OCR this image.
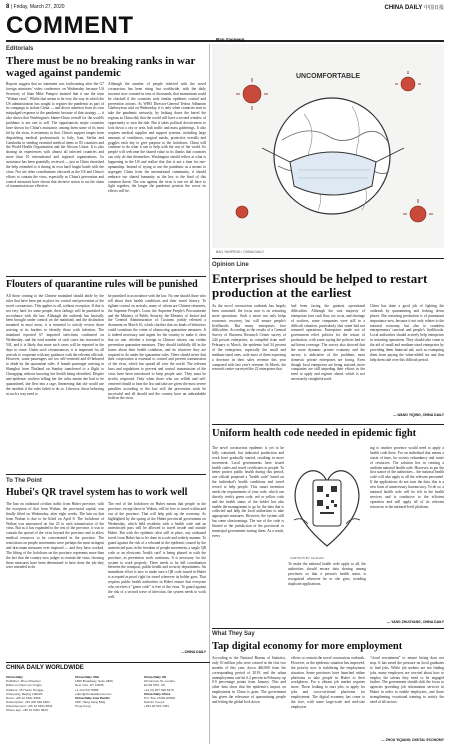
8 | Friday, March 27, 2020	CHINA DAILY 中国日报
COMMENT
Editorials
There must be no breaking ranks in war waged against pandemic
Reports suggest that no statement was forthcoming after the G7 foreign ministers' video conference on Wednesday because US Secretary of State Mike Pompeo insisted that it use the term "Wuhan virus". Whilst that seems to be very the way in which the US administration has sought to register the pandemic as part of its campaign to isolate China — and divert attention from its own misjudged response to the pandemic because of that strategy — it also shows that Washington's blame-China overall for the world's problems is not one to sell. The opportunistic major countries have shown for China's assistance, among them some of its most hit by the virus, is testimony to that. China's support ranges from dispatching medical professionals to Italy, Iran, Serbia and Cambodia to sending essential medical items to 83 countries and the World Health Organization and the African Union. It is also sharing its experiences with almost all infected countries and more than 10 international and regional organizations. Its assistance has been gratefully received — just as China cherished the help extended to it during its own hard fought battle with the virus. Nor are other contributions obscured as the US and China's efforts to contain the virus, especially as China's prevention and control measures have shown that decisive action to cut the chain of transmission are effective.
Although the number of people infected with the novel coronavirus has been rising fast worldwide, with the daily increase now counted in tens of thousands, that momentum could be checked if the countries took similar epidemic control and prevention actions. As WHO Director-General Tedros Adhanom Ghebreyesus said on Wednesday, it is only when countries start to take the pandemic seriously, by looking down the barrel the regions as China did, that the world will have a second window of opportunity to turn the tide. But it takes political decisiveness to lock down a city or area, halt traffic and mass gatherings. It also requires medical supplies and support systems, including large amounts of ventilators, surgical masks, protective overalls and goggles each day to give purpose to the lockdown. China will continue to do what it can to help with the rest of the world. Its people will welcome the shared value in its thanks that countries can only do that themselves. Washington should reflect at what is happening in the US and realize that this is not a time for one-upmanship. Instead of trying to use the pandemic as a means to segregate China from the international community, it should embrace our shared humanity as the key to the final of this common threat. The war against the virus is one we all have to fight together, the longer the pandemic persists the worse its effects will be.
Flouters of quarantine rules will be punished
All those coming to the Chinese mainland should abide by the rules that have been put in place for control and prevention of the novel coronavirus. This applies to all, without exception. If that is not very hard for some people, their failings will be punished in accordance with the law. Although the outbreak has basically been brought under control on the mainland, and the distinction mounted in most areas, it is essential to strictly review those arriving at its borders to identify those with infection. The mainland reported 67 imported infections confirmed on Wednesday, and the total number of such cases has increased to 541, and it is likely that more such cases will be reported in the days to come. Under such circumstances, it is important for all arrivals to cooperate with any guidance with the relevant officials. However, some passengers are too self-centered and ill-behaved to abide by the quarantine rules. A female passenger arriving in Shanghai from Thailand on Sunday transferred to a flight to Chongqing without knowing her health being identified. Despite anti-epidemic workers telling her the rules meant she had to be quarantined, she flew into a rage, threatening that she would use the incident if the rules failed to do so. Likewise, those behaving in such a way need to
be punished in accordance with the law. No one should those who tell about their health conditions and their travel history. To tighten control on arrivals, many of whom are Chinese returnees, the Supreme People's Court, the Supreme People's Procuratorate and the Ministry of Public Security, the Ministry of Justice and the General Administration of Customs jointly released a document on March 16, which clarifies that six kinds of behaviors could constitute the crime of obstructing quarantine measures. It is indeed necessary and urgent for the country to make it clear that no one, whether a foreign or Chinese citizen, can violate prevention quarantine measures. They should faithfully fill in the forms about their health condition, and do whatever they are required to do under the quarantine rules. There should never that their cooperation is essential to control and prevent transmission of the virus, which has spread all over the world. The relevant laws and regulations to prevent and control transmission of the virus have been introduced to keep people safe. They must be strictly respected. Only when those who are selfish and self-centered should to hear the law and take are given the most severe penalties according to the law will the prevention work be successful and all should and the country have an unbreakable hold on the virus.
To The Point
Hubei's QR travel system has to work well
The ban on outbound civilian traffic from Hubei province, with the exception of that from Wuhan, the provincial capital, was finally lifted on Wednesday, after eight weeks. The ban on that from Wuhan is due to be lifted on April 8. The lockdown of Wuhan was announced on Jan 23 to curb transmission of the virus. But as it has expanded to the rest of the province, it was to contain the spread of the virus beyond the province and to allow medical resources to be concentrated in the province. The restrictions on people movements were perhaps the most stringent and draconian measures ever imposed — and they have worked. The lifting of the lockdown on the province represents more than the fact that the country now judges to contain the virus, showing those measures have been determined to have done the job they were intended to do.
The end of the lockdown on Hubei means that people in the province, except those in Wuhan, will be free to travel within and out of the province. That will help pick up the economy. As highlighted by the spring of the Hubei provincial government on Wednesday, which held residents with a health code and an unrestricted pass will be allowed to travel inside and outside Hubei. But with the epidemic alert still in place, any outbound travel from Hubei has to be done in a safe and orderly manner. To guard against the risk of a rebound in the epidemic caused by the unrestricted pass in the freedom of people movement, a single QR code or an electronic 'health card' is being phased in with the province, as prevention work continues. It is necessary for the system to work properly. There needs to be full coordination between the transport, public health and security departments. An immediate effort is now to make sure a QR code issued in Hubei is accepted as proof right for travel wherever its holder goes. That requires public health authorities in Hubei ensure that everyone who receives a "green code" is free of the virus. To guard against the risk of a second wave of infection, the system needs to work well.
—CHINA DAILY
Bao Yanpeng
UNCOMFORTABLE
BAO YANPENG / CHINA DAILY
Opinion Line
Enterprises should be helped to restart production at the earliest
As the novel coronavirus outbreak has largely been contained, the focus now is on restarting more operations. Such a move not only helps economic recovery, but will ensure people's livelihoods. But many enterprises face difficulties. According to the results of a General Survey of Business Research Center survey of 244 private enterprises, as compiled from mid-February to March, the epidemic had 34 percent of the enterprises, especially the small and medium-sized ones, with most of them expecting a decrease in their sales revenue this year compared with last year's revenue. In March, the research center surveyed the 22 enterprises that
had been facing the greatest operational difficulties. Although the vast majority of enterprises face cash flow, tax costs, and shortage of workers, some companies were still in a difficult situation, particularly that some had not resumed operations. Enterprises made use of government relief policies for the restart of production, with some saying the policies had no sufficient coverage. The survey also showed that the more dynamic private economy and the survey is indicative of the problems most domestic private enterprises are facing. Even though local enterprises are being assisted, more companies are still impeding their efforts in the need to apply and register ahead, which is not necessarily straightforward.
China has done a good job of fighting the outbreak by quarantining and locking down places. But restarting production is of paramount importance now, because it not only relates to the national economy, but also to countless entrepreneurs' survival and people's livelihoods. Local authorities should actively help enterprises in restarting operations. They should also come to the aid of small and medium-sized enterprises by providing them financial aid, such as exempting them from paying the value-added tax and thus help them tide over this difficult period.
— WANG YIQING, CHINA DAILY
Uniform health code needed in epidemic fight
The novel coronavirus epidemic is yet to be fully contained, but industrial production and work have gradually started, resulting in more movement. Local governments have issued health codes and travel certificates to people. To better protect public health during this period, one official proposed a "health code" based on the individual's health conditions and travel record to help people. This smart invention needs the requirements of your code, which can directly certify green code, red or yellow code and the health status of the holder but also enable the management to go by the data that is collected and help the local authorities to take appropriate measures. However, the system still has some shortcomings. The use of the code is limited to the jurisdiction of the provincial or municipal government issuing them. As a result, every
CARTOON BY JIA ZHAO
ing to another province would need to apply a health code there. For an individual that means a waste of time, for society redundancy and waste of resources. The solution lies in creating a uniform national health code. However, as per the first stance of the authorities... the national health code will also apply to all the relevant personnel. If the applications do not trust the data, this is a new form of unnecessary bureaucracy. To do so, a national health code will be felt in the health services and is conducive to the efficient operation and will apply all of its relevant resources to the national-level platform.
To make the national health code apply to all, the authorities should ensure data sharing among provinces so that a person's health status is recognized wherever he or she goes, avoiding duplicate applications.
— YANG ZHUOYANG, CHINA DAILY
What They Say
Tap digital economy for more employment
According to the National Bureau of Statistics, only 10 million jobs were created in the first two months of this year, down 460,000 from the corresponding period of 2019, and the urban unemployment rate hit 6.2 percent in February, up 0.9 percentage points from January. This and other data show that the epidemic's impact on employment in China is grim. The government has given the relevance of quarantining people and letting the global lock down
efforts to contain the novel coronavirus outbreak. However, as the epidemic situation has improved, the priority now is stabilizing the employment situation. Some provinces have launched online platforms to take people in Hubei to their workplaces. For a vibrant job market requires more. Those looking to start jobs, to apply for jobs and cross-sectional platforms for employment. The digital economy has come to the fore, with some large-scale and mid-size employers
"cloud recruitment" to ensure hiring does not stop. It has eased the pressure on local graduates to find jobs. While job seekers are not finding jobs, many employers are worried about how to employ the talents they need to be engaged further. The government should shift the focus to agencies providing job information services in Hubei in order to enable employees, and those strengthening vocational training to satisfy the need of all sectors.
— ZHOU YIQIANG, DIGITAL ECONOMY
CHINA DAILY WORLDWIDE
China Daily
Publisher: Zhou Shuchun
Editor-in-Chief: Qu Yingpu
Address: 15 Huixin Dongjie,
Chaoyang, Beijing 100029
News: +86 10 6491 8366
Subscription: +86 400 699 0203
Advertisement: +86 10 6491 8631
Phone app: +86 10 6491 0629
China Daily USA
1500 Broadway, Suite 2800,
New York, NY 10036
+1 212 537 8888
editor@chinadailyusa.com
China Daily Asia Pacific
25/F, Hang Seng Bldg,
Hong Kong
China Daily UK
90 Cannon St, London
EC4N 6HA, UK
+44 (0) 207 398 8270
China Daily Africa
P.O. Box 27281-00506
Nairobi, Kenya
+254 20 522 1051
